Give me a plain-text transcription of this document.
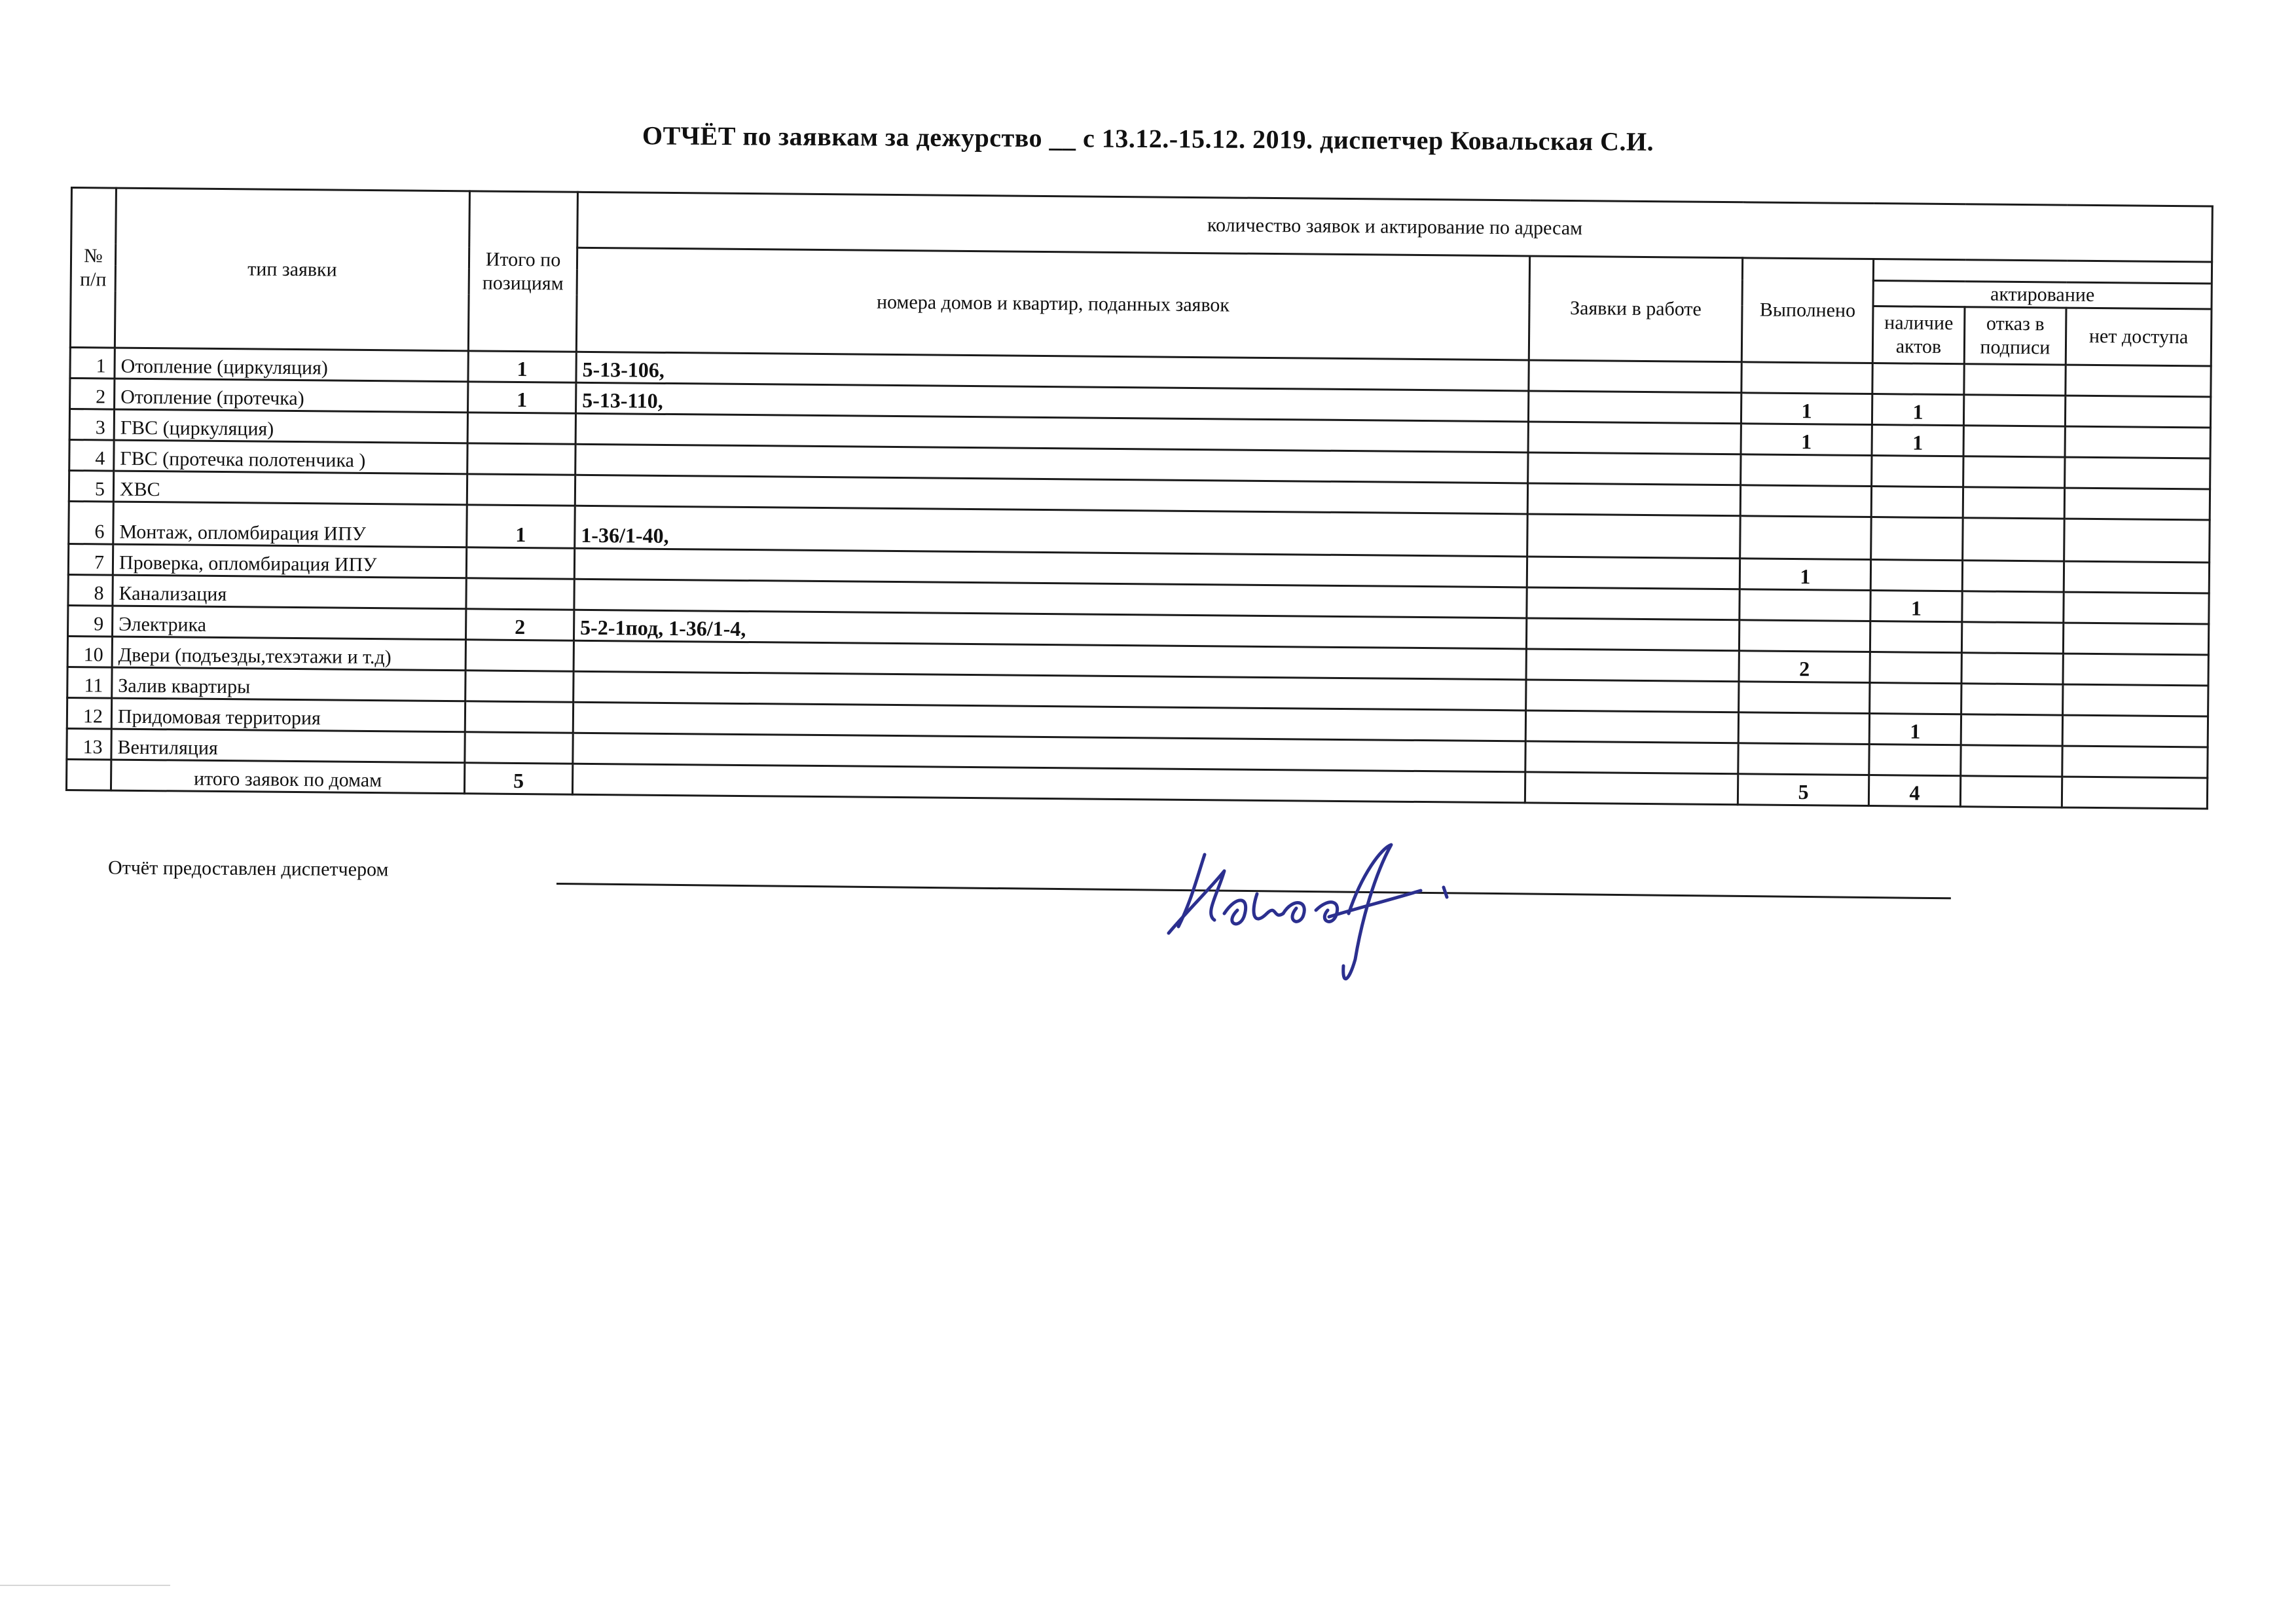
ОТЧЁТ по заявкам за дежурство __ с 13.12.-15.12. 2019. диспетчер Ковальская С.И.
№ п/п	тип заявки	Итого по позициям	количество заявок и актирование по адресам					
			номера домов и квартир, поданных заявок	Заявки в работе	Выполнено			
						актирование		
						наличие актов	отказ в подписи	нет доступа
1	Отопление (циркуляция)	1	5-13-106,					
2	Отопление (протечка)	1	5-13-110,		1	1		
3	ГВС (циркуляция)				1	1		
4	ГВС (протечка полотенчика )							
5	ХВС							
6	Монтаж, опломбирация ИПУ	1	1-36/1-40,					
7	Проверка, опломбирация ИПУ				1			
8	Канализация					1		
9	Электрика	2	5-2-1под, 1-36/1-4,					
10	Двери (подъезды,техэтажи и т.д)				2			
11	Залив квартиры							
12	Придомовая территория					1		
13	Вентиляция							
	итого заявок по домам	5			5	4		
Отчёт предоставлен диспетчером
